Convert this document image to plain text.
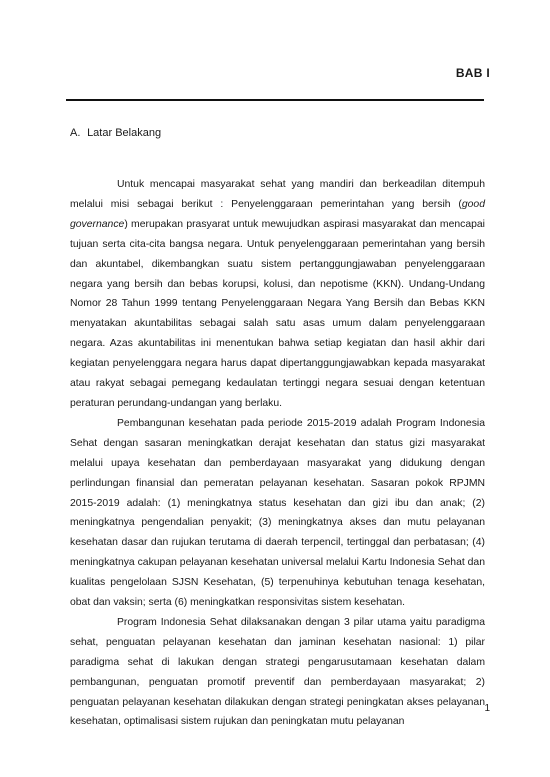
BAB I
A. Latar Belakang

Untuk mencapai masyarakat sehat yang mandiri dan berkeadilan ditempuh melalui misi sebagai berikut : Penyelenggaraan pemerintahan yang bersih (good governance) merupakan prasyarat untuk mewujudkan aspirasi masyarakat dan mencapai tujuan serta cita-cita bangsa negara. Untuk penyelenggaraan pemerintahan yang bersih dan akuntabel, dikembangkan suatu sistem pertanggungjawaban penyelenggaraan negara yang bersih dan bebas korupsi, kolusi, dan nepotisme (KKN). Undang-Undang Nomor 28 Tahun 1999 tentang Penyelenggaraan Negara Yang Bersih dan Bebas KKN menyatakan akuntabilitas sebagai salah satu asas umum dalam penyelenggaraan negara. Azas akuntabilitas ini menentukan bahwa setiap kegiatan dan hasil akhir dari kegiatan penyelenggara negara harus dapat dipertanggungjawabkan kepada masyarakat atau rakyat sebagai pemegang kedaulatan tertinggi negara sesuai dengan ketentuan peraturan perundang-undangan yang berlaku.

Pembangunan kesehatan pada periode 2015-2019 adalah Program Indonesia Sehat dengan sasaran meningkatkan derajat kesehatan dan status gizi masyarakat melalui upaya kesehatan dan pemberdayaan masyarakat yang didukung dengan perlindungan finansial dan pemeratan pelayanan kesehatan. Sasaran pokok RPJMN 2015-2019 adalah: (1) meningkatnya status kesehatan dan gizi ibu dan anak; (2) meningkatnya pengendalian penyakit; (3) meningkatnya akses dan mutu pelayanan kesehatan dasar dan rujukan terutama di daerah terpencil, tertinggal dan perbatasan; (4) meningkatnya cakupan pelayanan kesehatan universal melalui Kartu Indonesia Sehat dan kualitas pengelolaan SJSN Kesehatan, (5) terpenuhinya kebutuhan tenaga kesehatan, obat dan vaksin; serta (6) meningkatkan responsivitas sistem kesehatan.

Program Indonesia Sehat dilaksanakan dengan 3 pilar utama yaitu paradigma sehat, penguatan pelayanan kesehatan dan jaminan kesehatan nasional: 1) pilar paradigma sehat di lakukan dengan strategi pengarusutamaan kesehatan dalam pembangunan, penguatan promotif preventif dan pemberdayaan masyarakat; 2) penguatan pelayanan kesehatan dilakukan dengan strategi peningkatan akses pelayanan kesehatan, optimalisasi sistem rujukan dan peningkatan mutu pelayanan

1
